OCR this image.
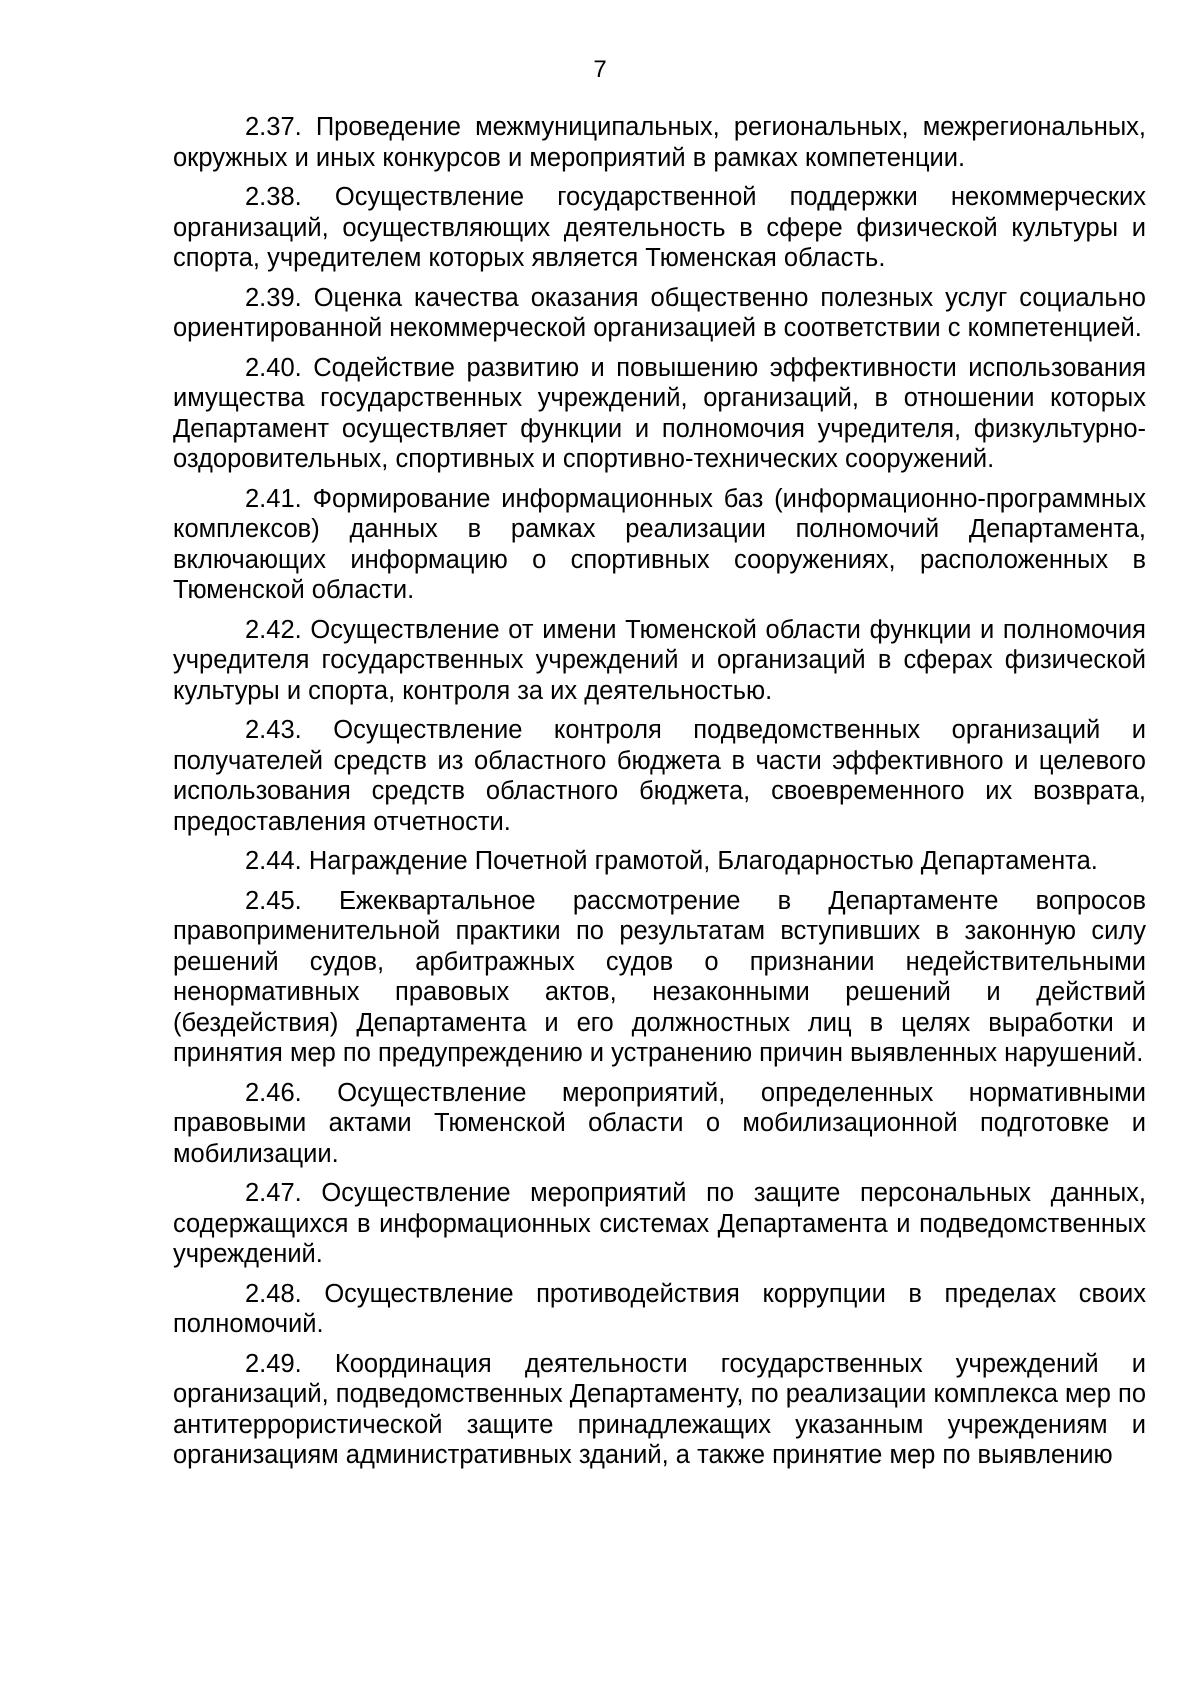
7

2.37. Проведение межмуниципальных, региональных, межрегиональных, окружных и иных конкурсов и мероприятий в рамках компетенции.

2.38. Осуществление государственной поддержки некоммерческих организаций, осуществляющих деятельность в сфере физической культуры и спорта, учредителем которых является Тюменская область.

2.39. Оценка качества оказания общественно полезных услуг социально ориентированной некоммерческой организацией в соответствии с компетенцией.

2.40. Содействие развитию и повышению эффективности использования имущества государственных учреждений, организаций, в отношении которых Департамент осуществляет функции и полномочия учредителя, физкультурно-оздоровительных, спортивных и спортивно-технических сооружений.

2.41. Формирование информационных баз (информационно-программных комплексов) данных в рамках реализации полномочий Департамента, включающих информацию о спортивных сооружениях, расположенных в Тюменской области.

2.42. Осуществление от имени Тюменской области функции и полномочия учредителя государственных учреждений и организаций в сферах физической культуры и спорта, контроля за их деятельностью.

2.43. Осуществление контроля подведомственных организаций и получателей средств из областного бюджета в части эффективного и целевого использования средств областного бюджета, своевременного их возврата, предоставления отчетности.

2.44. Награждение Почетной грамотой, Благодарностью Департамента.

2.45. Ежеквартальное рассмотрение в Департаменте вопросов правоприменительной практики по результатам вступивших в законную силу решений судов, арбитражных судов о признании недействительными ненормативных правовых актов, незаконными решений и действий (бездействия) Департамента и его должностных лиц в целях выработки и принятия мер по предупреждению и устранению причин выявленных нарушений.

2.46. Осуществление мероприятий, определенных нормативными правовыми актами Тюменской области о мобилизационной подготовке и мобилизации.

2.47. Осуществление мероприятий по защите персональных данных, содержащихся в информационных системах Департамента и подведомственных учреждений.

2.48. Осуществление противодействия коррупции в пределах своих полномочий.

2.49. Координация деятельности государственных учреждений и организаций, подведомственных Департаменту, по реализации комплекса мер по антитеррористической защите принадлежащих указанным учреждениям и организациям административных зданий, а также принятие мер по выявлению
